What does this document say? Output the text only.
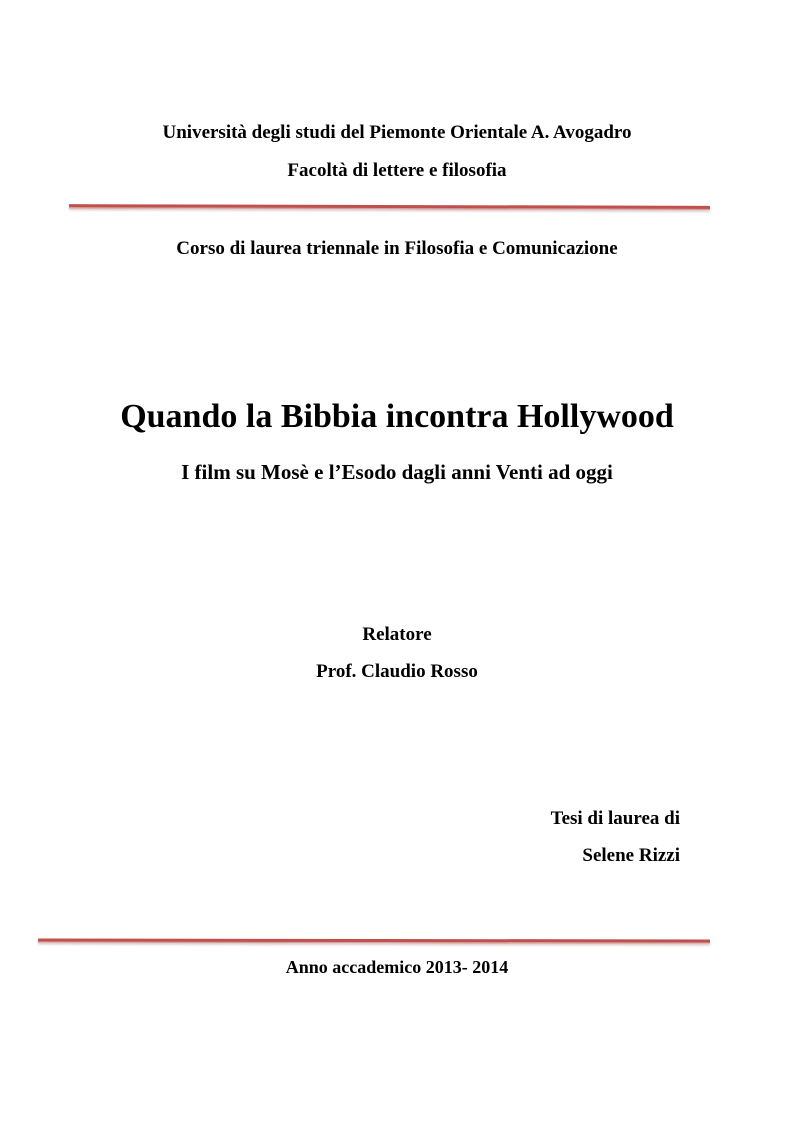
Università degli studi del Piemonte Orientale A. Avogadro
Facoltà di lettere e filosofia
Corso di laurea triennale in Filosofia e Comunicazione
Quando la Bibbia incontra Hollywood
I film su Mosè e l’Esodo dagli anni Venti ad oggi
Relatore
Prof. Claudio Rosso
Tesi di laurea di
Selene Rizzi
Anno accademico 2013- 2014
